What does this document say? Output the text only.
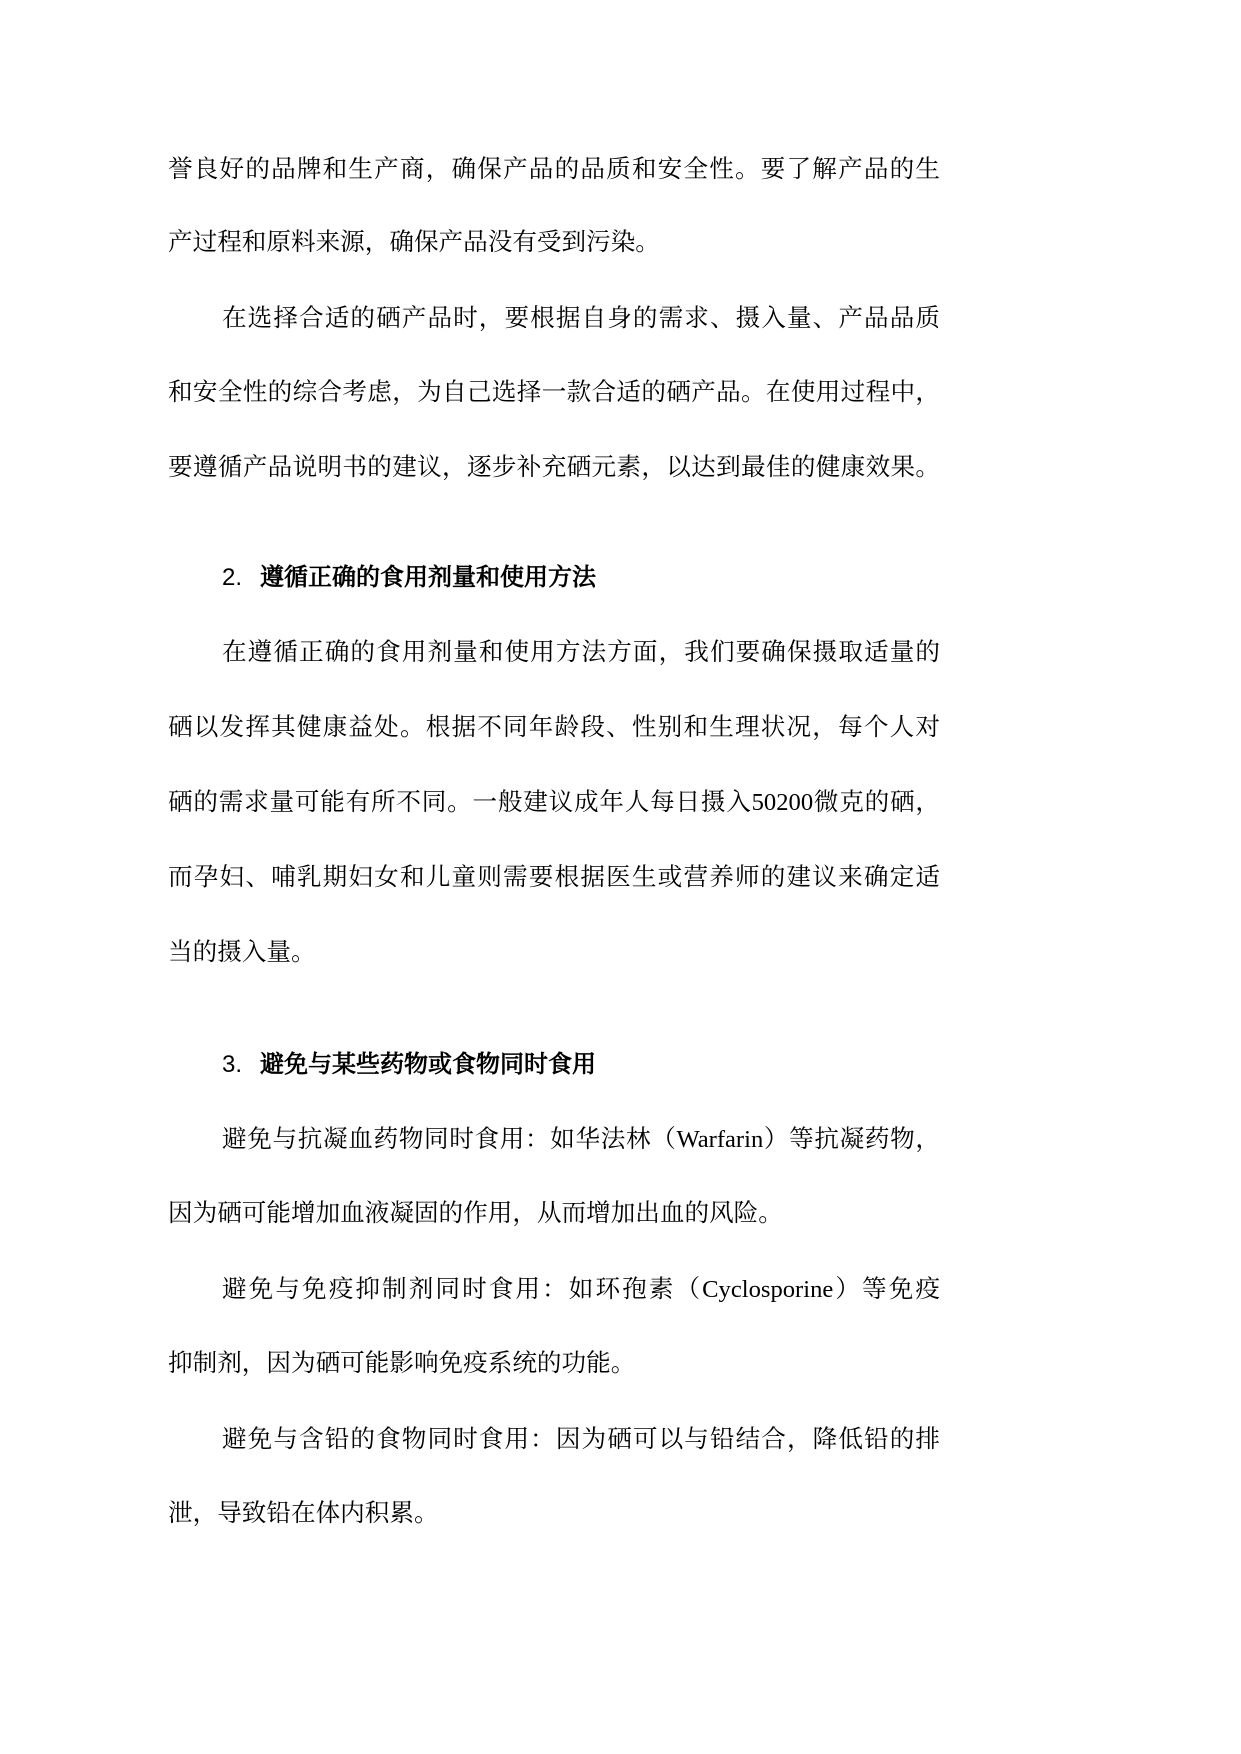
誉良好的品牌和生产商，确保产品的品质和安全性。要了解产品的生
产过程和原料来源，确保产品没有受到污染。
在选择合适的硒产品时，要根据自身的需求、摄入量、产品品质
和安全性的综合考虑，为自己选择一款合适的硒产品。在使用过程中，
要遵循产品说明书的建议，逐步补充硒元素，以达到最佳的健康效果。
2. 遵循正确的食用剂量和使用方法
在遵循正确的食用剂量和使用方法方面，我们要确保摄取适量的
硒以发挥其健康益处。根据不同年龄段、性别和生理状况，每个人对
硒的需求量可能有所不同。一般建议成年人每日摄入50200微克的硒，
而孕妇、哺乳期妇女和儿童则需要根据医生或营养师的建议来确定适
当的摄入量。
3. 避免与某些药物或食物同时食用
避免与抗凝血药物同时食用：如华法林（Warfarin）等抗凝药物，
因为硒可能增加血液凝固的作用，从而增加出血的风险。
避免与免疫抑制剂同时食用：如环孢素（Cyclosporine）等免疫
抑制剂，因为硒可能影响免疫系统的功能。
避免与含铅的食物同时食用：因为硒可以与铅结合，降低铅的排
泄，导致铅在体内积累。
